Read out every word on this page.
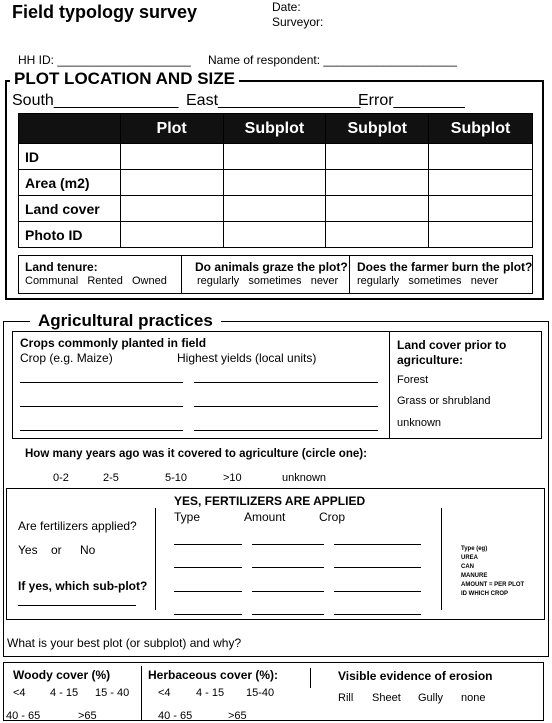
Field typology survey	Date:
Surveyor:
HH ID: ____________________ Name of respondent: ____________________
PLOT LOCATION AND SIZE
South______________ East________________
Error________
	Plot	Subplot	Subplot	Subplot
ID				
Area (m2)				
Land cover				
Photo ID				
Land tenure:
Communal   Rented   Owned
Do animals graze the plot?
regularly   sometimes   never
Does the farmer burn the plot?
regularly   sometimes   never
Agricultural practices
Crops commonly planted in field
Crop (e.g. Maize)	Highest yields (local units)
Land cover prior to
agriculture:
Forest
Grass or shrubland
unknown
How many years ago was it covered to agriculture (circle one):
0-2	2-5	5-10	>10	unknown
Are fertilizers applied?
Yes or No
If yes, which sub-plot?
YES, FERTILIZERS ARE APPLIED
Type	Amount	Crop
Type (eg)
UREA
CAN
MANURE
AMOUNT = PER PLOT
ID WHICH CROP
What is your best plot (or subplot) and why?
Woody cover (%)
<4 4 - 15 15 - 40
40 - 65	>65
Herbaceous cover (%):
<4 4 - 15 15-40
40 - 65	>65
Visible evidence of erosion
Rill Sheet Gully none
